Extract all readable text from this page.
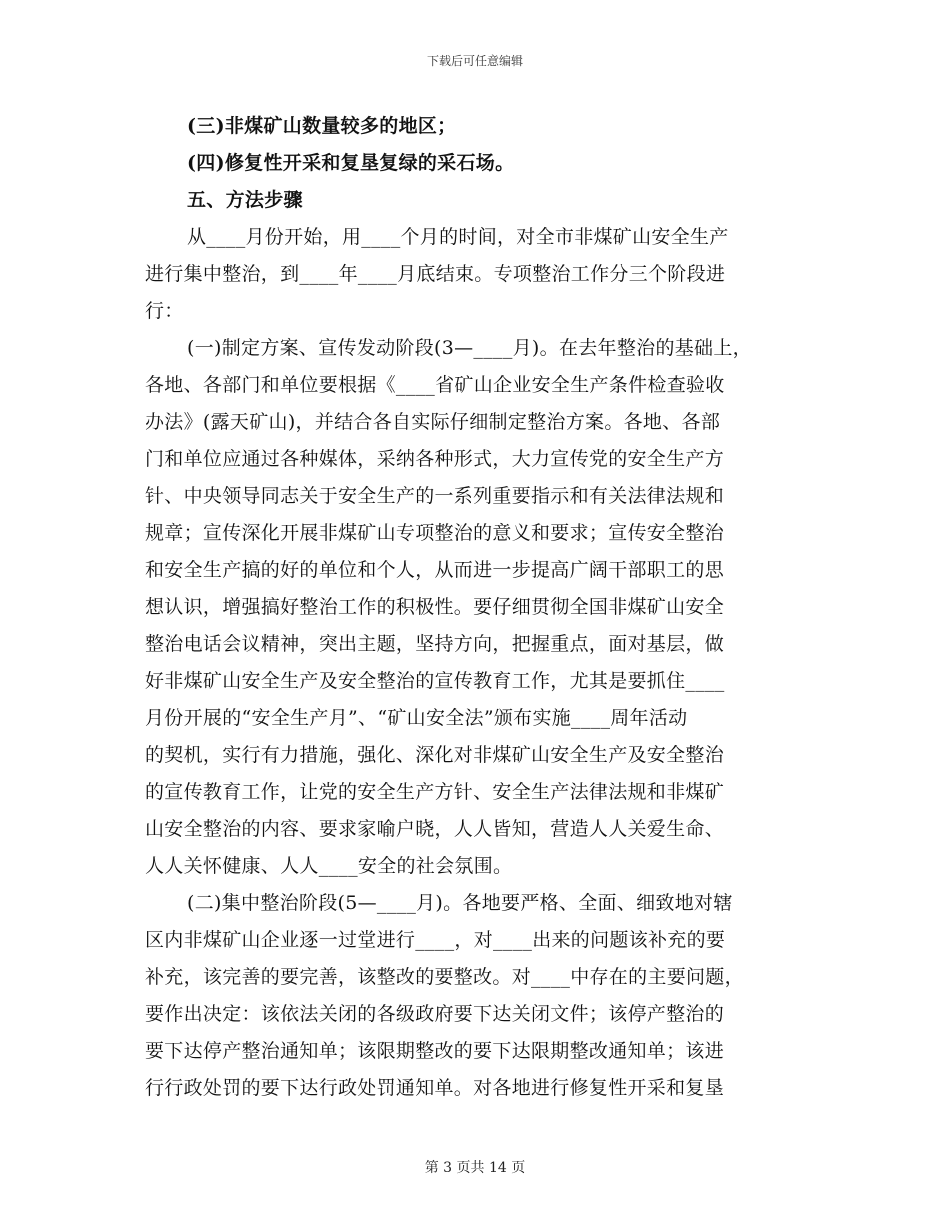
下载后可任意编辑
(三)非煤矿山数量较多的地区；
(四)修复性开采和复垦复绿的采石场。
五、方法步骤
从____月份开始，用____个月的时间，对全市非煤矿山安全生产
进行集中整治，到____年____月底结束。专项整治工作分三个阶段进
行：
(一)制定方案、宣传发动阶段(3—____月)。在去年整治的基础上，
各地、各部门和单位要根据《____省矿山企业安全生产条件检查验收
办法》(露天矿山)，并结合各自实际仔细制定整治方案。各地、各部
门和单位应通过各种媒体，采纳各种形式，大力宣传党的安全生产方
针、中央领导同志关于安全生产的一系列重要指示和有关法律法规和
规章；宣传深化开展非煤矿山专项整治的意义和要求；宣传安全整治
和安全生产搞的好的单位和个人，从而进一步提高广阔干部职工的思
想认识，增强搞好整治工作的积极性。要仔细贯彻全国非煤矿山安全
整治电话会议精神，突出主题，坚持方向，把握重点，面对基层，做
好非煤矿山安全生产及安全整治的宣传教育工作，尤其是要抓住____
月份开展的“安全生产月”、“矿山安全法”颁布实施____周年活动
的契机，实行有力措施，强化、深化对非煤矿山安全生产及安全整治
的宣传教育工作，让党的安全生产方针、安全生产法律法规和非煤矿
山安全整治的内容、要求家喻户晓，人人皆知，营造人人关爱生命、
人人关怀健康、人人____安全的社会氛围。
(二)集中整治阶段(5—____月)。各地要严格、全面、细致地对辖
区内非煤矿山企业逐一过堂进行____，对____出来的问题该补充的要
补充，该完善的要完善，该整改的要整改。对____中存在的主要问题，
要作出决定：该依法关闭的各级政府要下达关闭文件；该停产整治的
要下达停产整治通知单；该限期整改的要下达限期整改通知单；该进
行行政处罚的要下达行政处罚通知单。对各地进行修复性开采和复垦
第 3 页共 14 页
